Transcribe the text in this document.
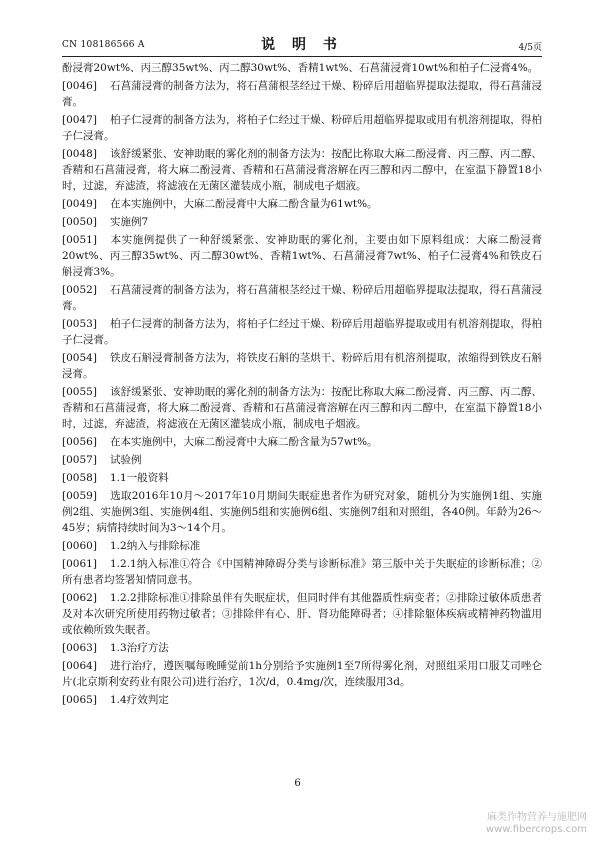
CN 108186566 A	说 明 书	4/5页

酚浸膏20wt%、丙三醇35wt%、丙二醇30wt%、香精1wt%、石菖蒲浸膏10wt%和柏子仁浸膏4%。

[0046] 石菖蒲浸膏的制备方法为，将石菖蒲根茎经过干燥、粉碎后用超临界提取法提取，得石菖蒲浸膏。

[0047] 柏子仁浸膏的制备方法为，将柏子仁经过干燥、粉碎后用超临界提取或用有机溶剂提取，得柏子仁浸膏。

[0048] 该舒缓紧张、安神助眠的雾化剂的制备方法为：按配比称取大麻二酚浸膏、丙三醇、丙二醇、香精和石菖蒲浸膏，将大麻二酚浸膏、香精和石菖蒲浸膏溶解在丙三醇和丙二醇中，在室温下静置18小时，过滤，弃滤渣，将滤液在无菌区灌装成小瓶，制成电子烟液。

[0049] 在本实施例中，大麻二酚浸膏中大麻二酚含量为61wt%。

[0050] 实施例7

[0051] 本实施例提供了一种舒缓紧张、安神助眠的雾化剂，主要由如下原料组成：大麻二酚浸膏20wt%、丙三醇35wt%、丙二醇30wt%、香精1wt%、石菖蒲浸膏7wt%、柏子仁浸膏4%和铁皮石斛浸膏3%。

[0052] 石菖蒲浸膏的制备方法为，将石菖蒲根茎经过干燥、粉碎后用超临界提取法提取，得石菖蒲浸膏。

[0053] 柏子仁浸膏的制备方法为，将柏子仁经过干燥、粉碎后用超临界提取或用有机溶剂提取，得柏子仁浸膏。

[0054] 铁皮石斛浸膏制备方法为，将铁皮石斛的茎烘干、粉碎后用有机溶剂提取，浓缩得到铁皮石斛浸膏。

[0055] 该舒缓紧张、安神助眠的雾化剂的制备方法为：按配比称取大麻二酚浸膏、丙三醇、丙二醇、香精和石菖蒲浸膏，将大麻二酚浸膏、香精和石菖蒲浸膏溶解在丙三醇和丙二醇中，在室温下静置18小时，过滤，弃滤渣，将滤液在无菌区灌装成小瓶，制成电子烟液。

[0056] 在本实施例中，大麻二酚浸膏中大麻二酚含量为57wt%。

[0057] 试验例

[0058] 1.1一般资料

[0059] 选取2016年10月～2017年10月期间失眠症患者作为研究对象，随机分为实施例1组、实施例2组、实施例3组、实施例4组、实施例5组和实施例6组、实施例7组和对照组，各40例。年龄为26～45岁；病情持续时间为3～14个月。

[0060] 1.2纳入与排除标准

[0061] 1.2.1纳入标准①符合《中国精神障碍分类与诊断标准》第三版中关于失眠症的诊断标准；②所有患者均签署知情同意书。

[0062] 1.2.2排除标准①排除虽伴有失眠症状，但同时伴有其他器质性病变者；②排除过敏体质患者及对本次研究所使用药物过敏者；③排除伴有心、肝、肾功能障碍者；④排除躯体疾病或精神药物滥用或依赖所致失眠者。

[0063] 1.3治疗方法

[0064] 进行治疗，遵医嘱每晚睡觉前1h分别给予实施例1至7所得雾化剂，对照组采用口服艾司唑仑片(北京斯利安药业有限公司)进行治疗，1次/d，0.4mg/次，连续服用3d。

[0065] 1.4疗效判定

6
麻类作物营养与施肥网
www.fibercrops.com
